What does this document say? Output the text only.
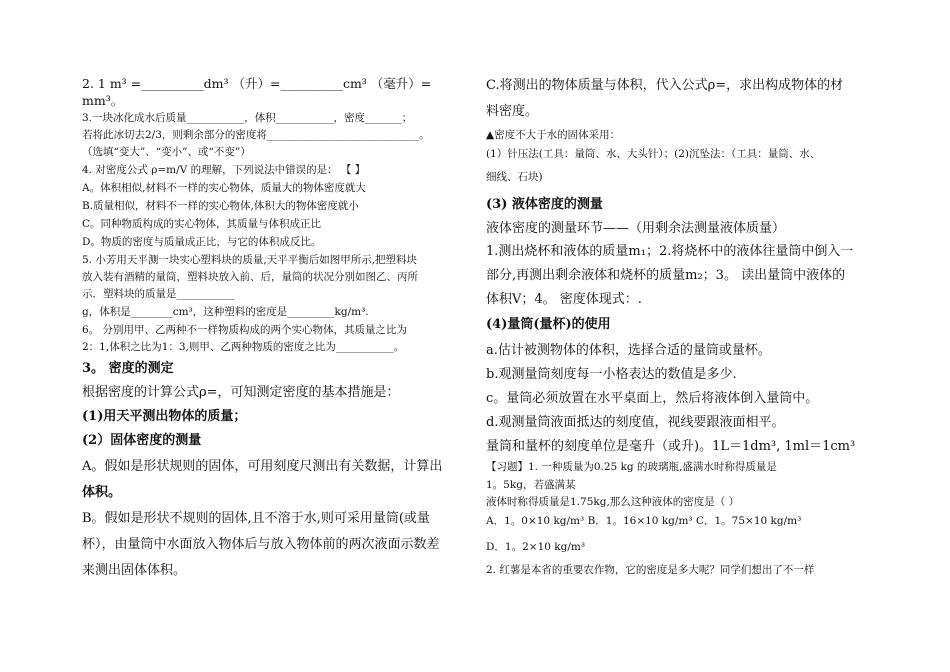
2. 1 m³ =__________dm³ （升）=__________cm³ （毫升）=
mm³。
3.一块冰化成水后质量___________，体积___________，密度_______；
若将此冰切去2/3，则剩余部分的密度将_____________________________。
（选填“变大”、“变小”、或“不变”）
4. 对密度公式 ρ=m/V 的理解，下列说法中错误的是： 【 】
A。体积相似,材料不一样的实心物体，质量大的物体密度就大
B.质量相似，材料不一样的实心物体,体积大的物体密度就小
C。同种物质构成的实心物体，其质量与体积成正比
D。物质的密度与质量成正比，与它的体积成反比。
5. 小芳用天平测一块实心塑料块的质量,天平平衡后如图甲所示,把塑料块
放入装有酒精的量筒，塑料块放入前、后，量筒的状况分别如图乙、丙所
示．塑料块的质量是___________
g，体积是________cm³，这种塑料的密度是_________kg/m³.
6。 分别用甲、乙两种不一样物质构成的两个实心物体，其质量之比为
2：1,体积之比为1：3,则甲、乙两种物质的密度之比为___________。
3。 密度的测定
根据密度的计算公式ρ=，可知测定密度的基本措施是：
(1)用天平测出物体的质量；
(2）固体密度的测量
A。假如是形状规则的固体，可用刻度尺测出有关数据，计算出
体积。
B。假如是形状不规则的固体,且不溶于水,则可采用量筒(或量
杯），由量筒中水面放入物体后与放入物体前的两次液面示数差
来测出固体体积。
C.将测出的物体质量与体积，代入公式ρ=，求出构成物体的材
料密度。
▲密度不大于水的固体采用：
(1）针压法(工具：量筒、水、大头针）；(2)沉坠法：（工具：量筒、水、
细线、石块)
(3) 液体密度的测量
液体密度的测量环节——（用剩余法测量液体质量）
1.测出烧杯和液体的质量m₁；2.将烧杯中的液体往量筒中倒入一
部分,再测出剩余液体和烧杯的质量m₂；3。 读出量筒中液体的
体积V；4。 密度体现式：.
(4)量筒(量杯)的使用
a.估计被测物体的体积，选择合适的量筒或量杯。
b.观测量筒刻度每一小格表达的数值是多少.
c。量筒必须放置在水平桌面上，然后将液体倒入量筒中。
d.观测量筒液面抵达的刻度值，视线要跟液面相平。
量筒和量杯的刻度单位是毫升（或升)。1L＝1dm³, 1ml＝1cm³
【习题】1. 一种质量为0.25 kg 的玻璃瓶,盛满水时称得质量是
1。5kg，若盛满某
液体时称得质量是1.75kg,那么这种液体的密度是（ ）
A．1。0×10 kg/m³ B．1。16×10 kg/m³ C．1。75×10 kg/m³
D．1。2×10 kg/m³
2. 红薯是本省的重要农作物，它的密度是多大呢？同学们想出了不一样
